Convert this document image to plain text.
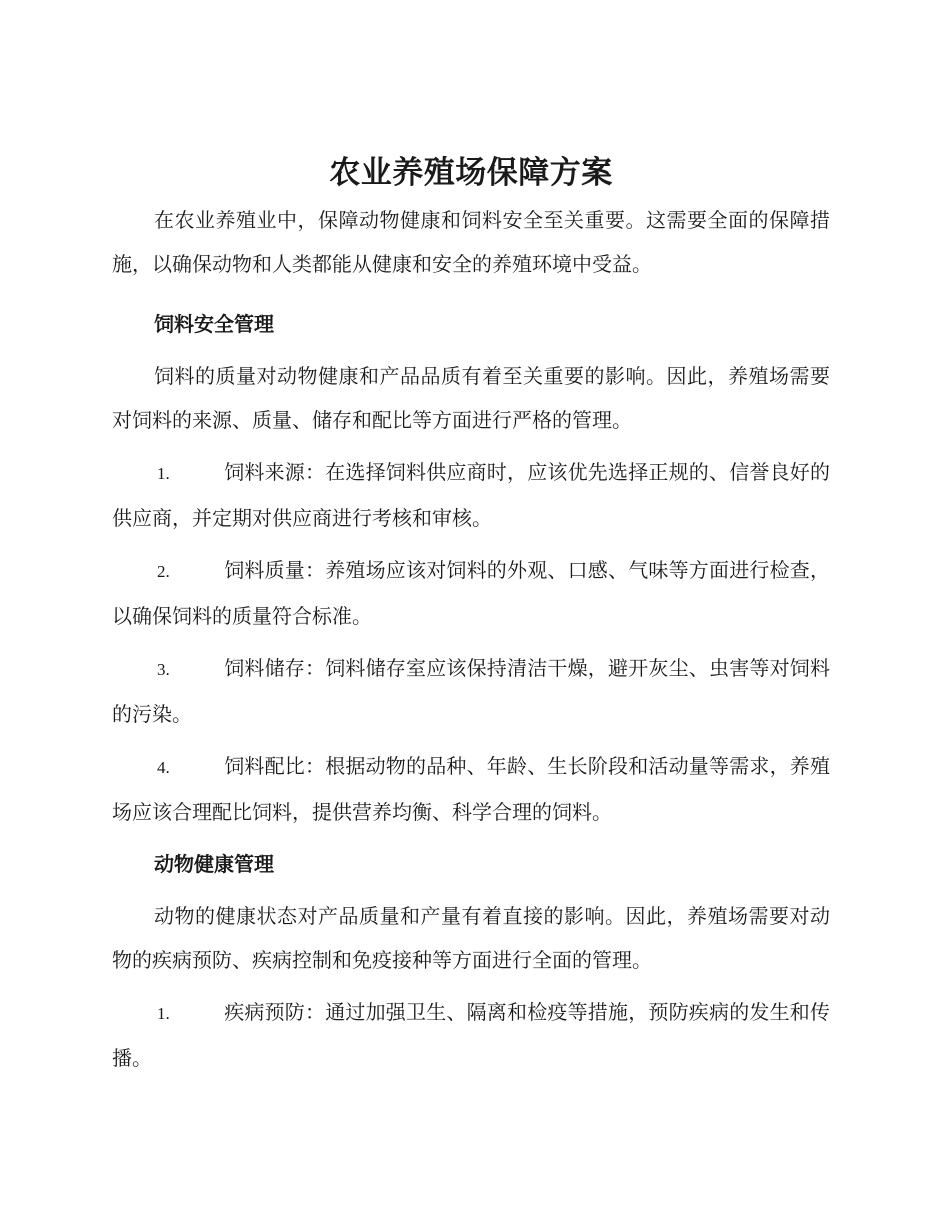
农业养殖场保障方案

在农业养殖业中，保障动物健康和饲料安全至关重要。这需要全面的保障措施，以确保动物和人类都能从健康和安全的养殖环境中受益。

饲料安全管理

饲料的质量对动物健康和产品品质有着至关重要的影响。因此，养殖场需要对饲料的来源、质量、储存和配比等方面进行严格的管理。

1.	饲料来源：在选择饲料供应商时，应该优先选择正规的、信誉良好的供应商，并定期对供应商进行考核和审核。
2.	饲料质量：养殖场应该对饲料的外观、口感、气味等方面进行检查，以确保饲料的质量符合标准。
3.	饲料储存：饲料储存室应该保持清洁干燥，避开灰尘、虫害等对饲料的污染。
4.	饲料配比：根据动物的品种、年龄、生长阶段和活动量等需求，养殖场应该合理配比饲料，提供营养均衡、科学合理的饲料。
动物健康管理

动物的健康状态对产品质量和产量有着直接的影响。因此，养殖场需要对动物的疾病预防、疾病控制和免疫接种等方面进行全面的管理。

1.	疾病预防：通过加强卫生、隔离和检疫等措施，预防疾病的发生和传播。
